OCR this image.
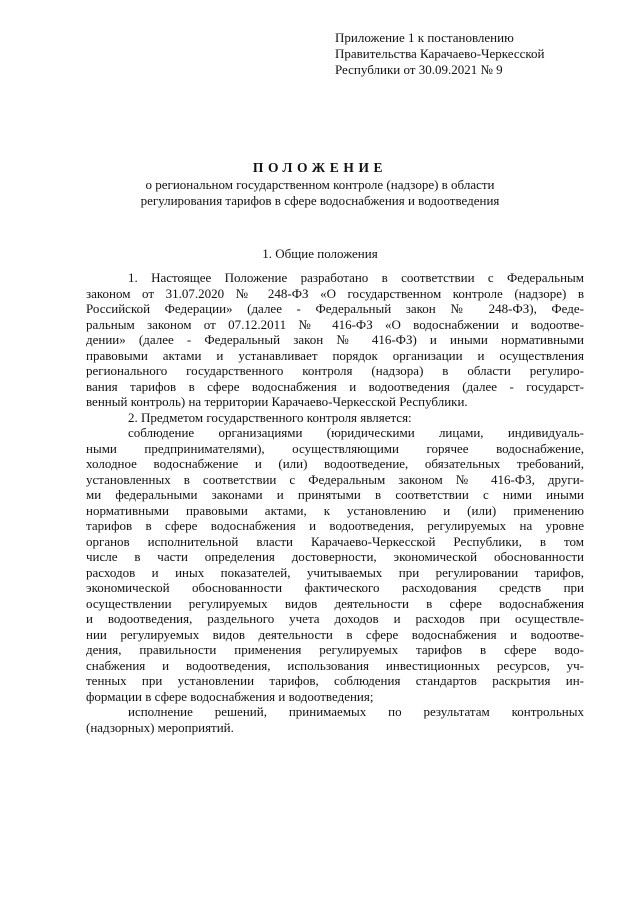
Приложение 1 к постановлению
Правительства Карачаево-Черкесской
Республики от 30.09.2021 № 9
ПОЛОЖЕНИЕ
о региональном государственном контроле (надзоре) в области
регулирования тарифов в сфере водоснабжения и водоотведения
1. Общие положения
1. Настоящее Положение разработано в соответствии с Федеральным
законом от 31.07.2020 № 248-ФЗ «О государственном контроле (надзоре) в
Российской Федерации» (далее - Федеральный закон № 248-ФЗ), Феде-
ральным законом от 07.12.2011 № 416-ФЗ «О водоснабжении и водоотве-
дении» (далее - Федеральный закон № 416-ФЗ) и иными нормативными
правовыми актами и устанавливает порядок организации и осуществления
регионального государственного контроля (надзора) в области регулиро-
вания тарифов в сфере водоснабжения и водоотведения (далее - государст-
венный контроль) на территории Карачаево-Черкесской Республики.
2. Предметом государственного контроля является:
соблюдение организациями (юридическими лицами, индивидуаль-
ными предпринимателями), осуществляющими горячее водоснабжение,
холодное водоснабжение и (или) водоотведение, обязательных требований,
установленных в соответствии с Федеральным законом № 416-ФЗ, други-
ми федеральными законами и принятыми в соответствии с ними иными
нормативными правовыми актами, к установлению и (или) применению
тарифов в сфере водоснабжения и водоотведения, регулируемых на уровне
органов исполнительной власти Карачаево-Черкесской Республики, в том
числе в части определения достоверности, экономической обоснованности
расходов и иных показателей, учитываемых при регулировании тарифов,
экономической обоснованности фактического расходования средств при
осуществлении регулируемых видов деятельности в сфере водоснабжения
и водоотведения, раздельного учета доходов и расходов при осуществле-
нии регулируемых видов деятельности в сфере водоснабжения и водоотве-
дения, правильности применения регулируемых тарифов в сфере водо-
снабжения и водоотведения, использования инвестиционных ресурсов, уч-
тенных при установлении тарифов, соблюдения стандартов раскрытия ин-
формации в сфере водоснабжения и водоотведения;
исполнение решений, принимаемых по результатам контрольных
(надзорных) мероприятий.
